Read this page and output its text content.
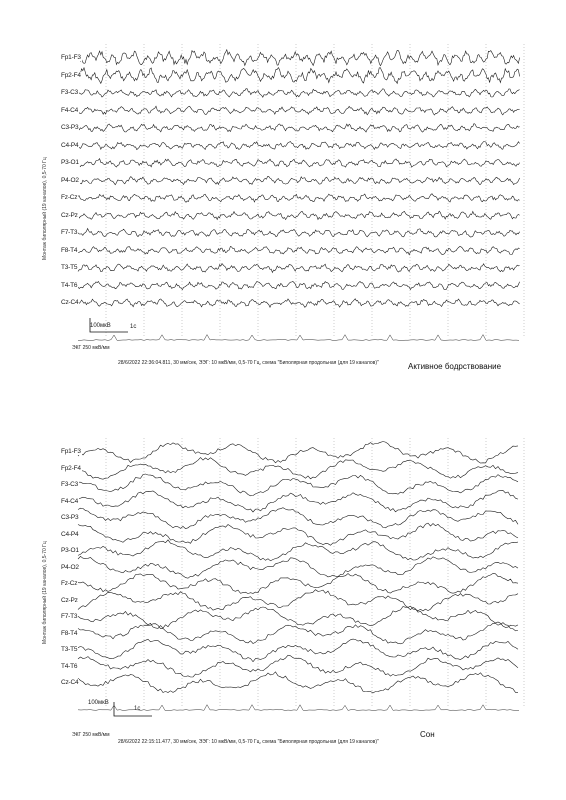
Fp1-F3
Fp2-F4
F3-C3
F4-C4
C3-P3
C4-P4
P3-O1
P4-O2
Fz-Cz
Cz-Pz
F7-T3
F8-T4
T3-T5
T4-T6
Cz-C4
Монтаж биполярный (19 каналов), 0,5-70 Гц
100мкВ	1с
ЭКГ 250 мкВ/мм
28/6/2022 22:36:04.811, 30 мм/сек, ЭЭГ: 10 мкВ/мм, 0,5-70 Гц, схема "Биполярная продольная (для 19 каналов)"	Активное бодрствование
Fp1-F3
Fp2-F4
F3-C3
F4-C4
C3-P3
C4-P4
P3-O1
P4-O2
Fz-Cz
Cz-Pz
F7-T3
F8-T4
T3-T5
T4-T6
Cz-C4
Монтаж биполярный (19 каналов), 0,5-70 Гц
100мкВ
1с
ЭКГ 250 мкВ/мм
28/6/2022 22:15:11.477, 30 мм/сек, ЭЭГ: 10 мкВ/мм, 0,5-70 Гц, схема "Биполярная продольная (для 19 каналов)"
Сон
